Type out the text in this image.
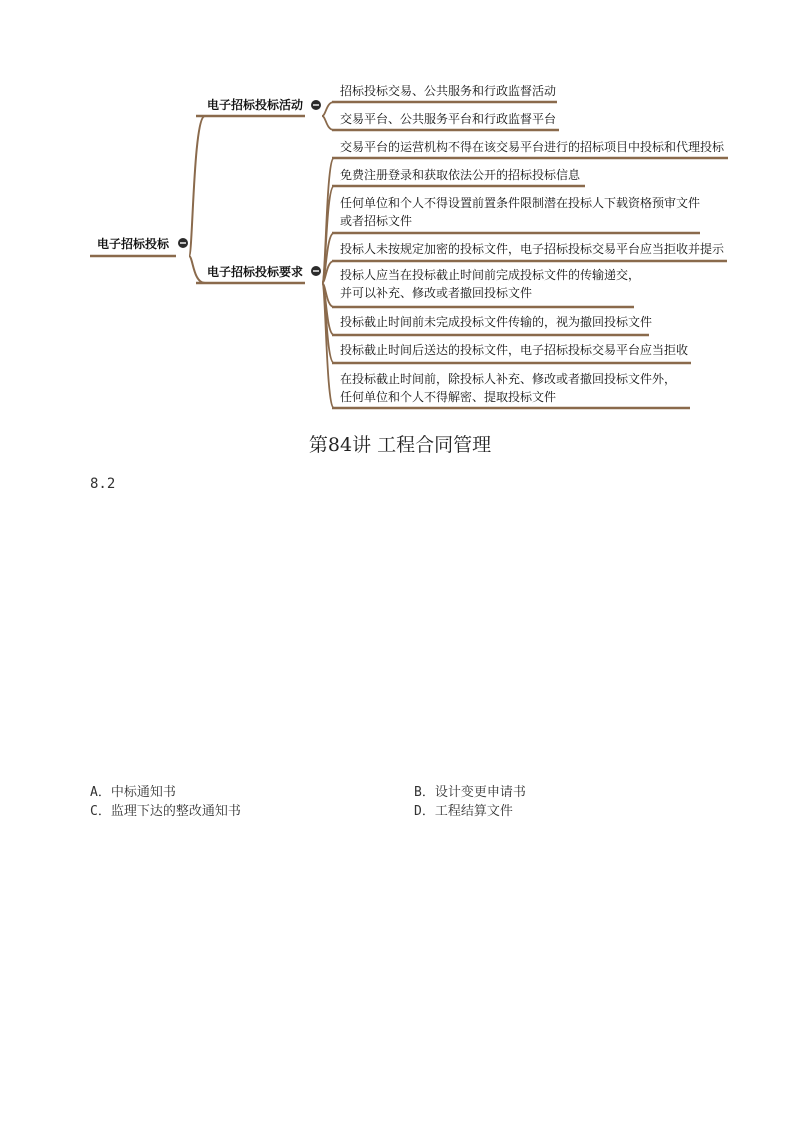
电子招标投标
电子招标投标活动
招标投标交易、公共服务和行政监督活动
交易平台、公共服务平台和行政监督平台
电子招标投标要求
交易平台的运营机构不得在该交易平台进行的招标项目中投标和代理投标
免费注册登录和获取依法公开的招标投标信息
任何单位和个人不得设置前置条件限制潜在投标人下载资格预审文件
或者招标文件
投标人未按规定加密的投标文件，电子招标投标交易平台应当拒收并提示
投标人应当在投标截止时间前完成投标文件的传输递交，
并可以补充、修改或者撤回投标文件
投标截止时间前未完成投标文件传输的，视为撤回投标文件
投标截止时间后送达的投标文件，电子招标投标交易平台应当拒收
在投标截止时间前，除投标人补充、修改或者撤回投标文件外，
任何单位和个人不得解密、提取投标文件
第84讲 工程合同管理
8.2
A．中标通知书	B．设计变更申请书
C．监理下达的整改通知书	D．工程结算文件
